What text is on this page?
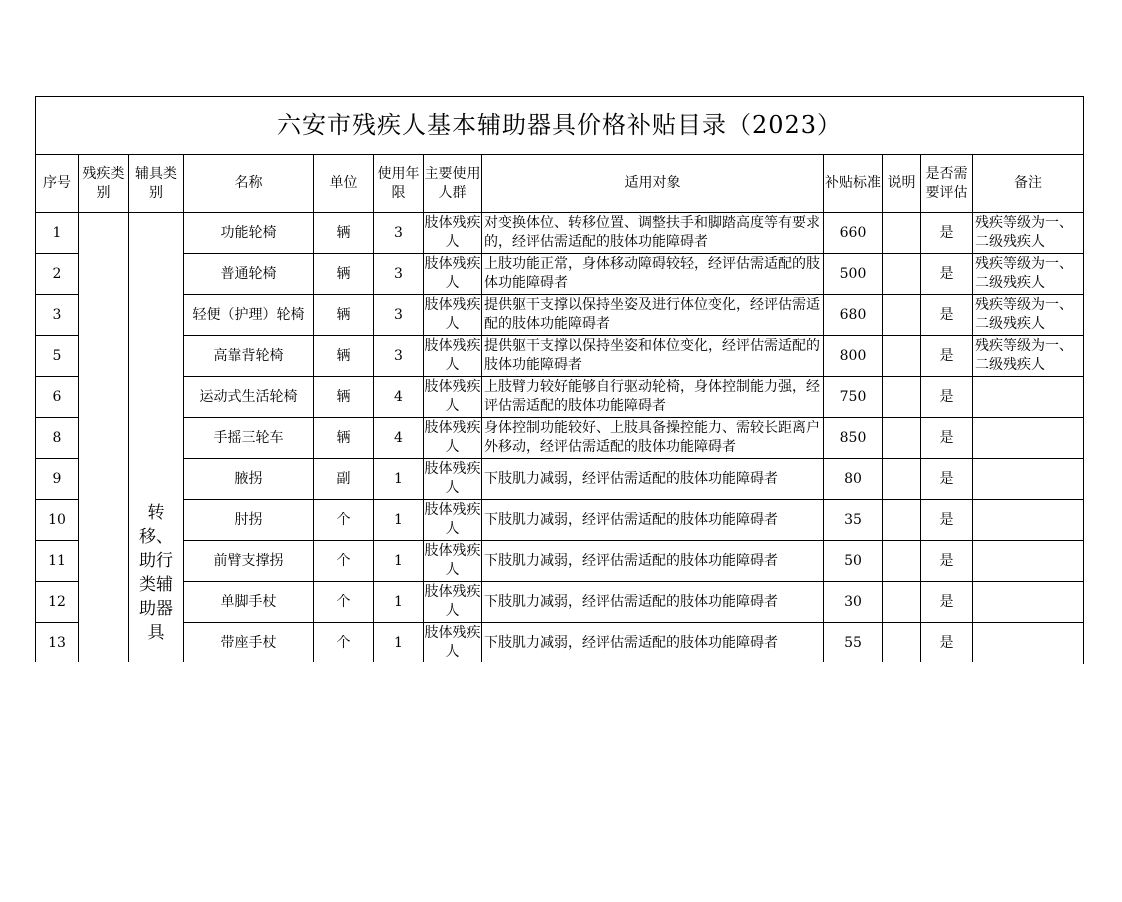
六安市残疾人基本辅助器具价格补贴目录（2023）											
序号	残疾类别	辅具类别	名称	单位	使用年限	主要使用人群	适用对象	补贴标准	说明	是否需要评估	备注
1		转移、助行类辅助器具	功能轮椅	辆	3	肢体残疾人	对变换体位、转移位置、调整扶手和脚踏高度等有要求的，经评估需适配的肢体功能障碍者	660		是	残疾等级为一、二级残疾人
2			普通轮椅	辆	3	肢体残疾人	上肢功能正常，身体移动障碍较轻，经评估需适配的肢体功能障碍者	500		是	残疾等级为一、二级残疾人
3			轻便（护理）轮椅	辆	3	肢体残疾人	提供躯干支撑以保持坐姿及进行体位变化，经评估需适配的肢体功能障碍者	680		是	残疾等级为一、二级残疾人
5			高靠背轮椅	辆	3	肢体残疾人	提供躯干支撑以保持坐姿和体位变化，经评估需适配的肢体功能障碍者	800		是	残疾等级为一、二级残疾人
6			运动式生活轮椅	辆	4	肢体残疾人	上肢臂力较好能够自行驱动轮椅，身体控制能力强，经评估需适配的肢体功能障碍者	750		是	
8			手摇三轮车	辆	4	肢体残疾人	身体控制功能较好、上肢具备操控能力、需较长距离户外移动，经评估需适配的肢体功能障碍者	850		是	
9			腋拐	副	1	肢体残疾人	下肢肌力减弱，经评估需适配的肢体功能障碍者	80		是	
10			肘拐	个	1	肢体残疾人	下肢肌力减弱，经评估需适配的肢体功能障碍者	35		是	
11			前臂支撑拐	个	1	肢体残疾人	下肢肌力减弱，经评估需适配的肢体功能障碍者	50		是	
12			单脚手杖	个	1	肢体残疾人	下肢肌力减弱，经评估需适配的肢体功能障碍者	30		是	
13			带座手杖	个	1	肢体残疾人	下肢肌力减弱，经评估需适配的肢体功能障碍者	55		是	
